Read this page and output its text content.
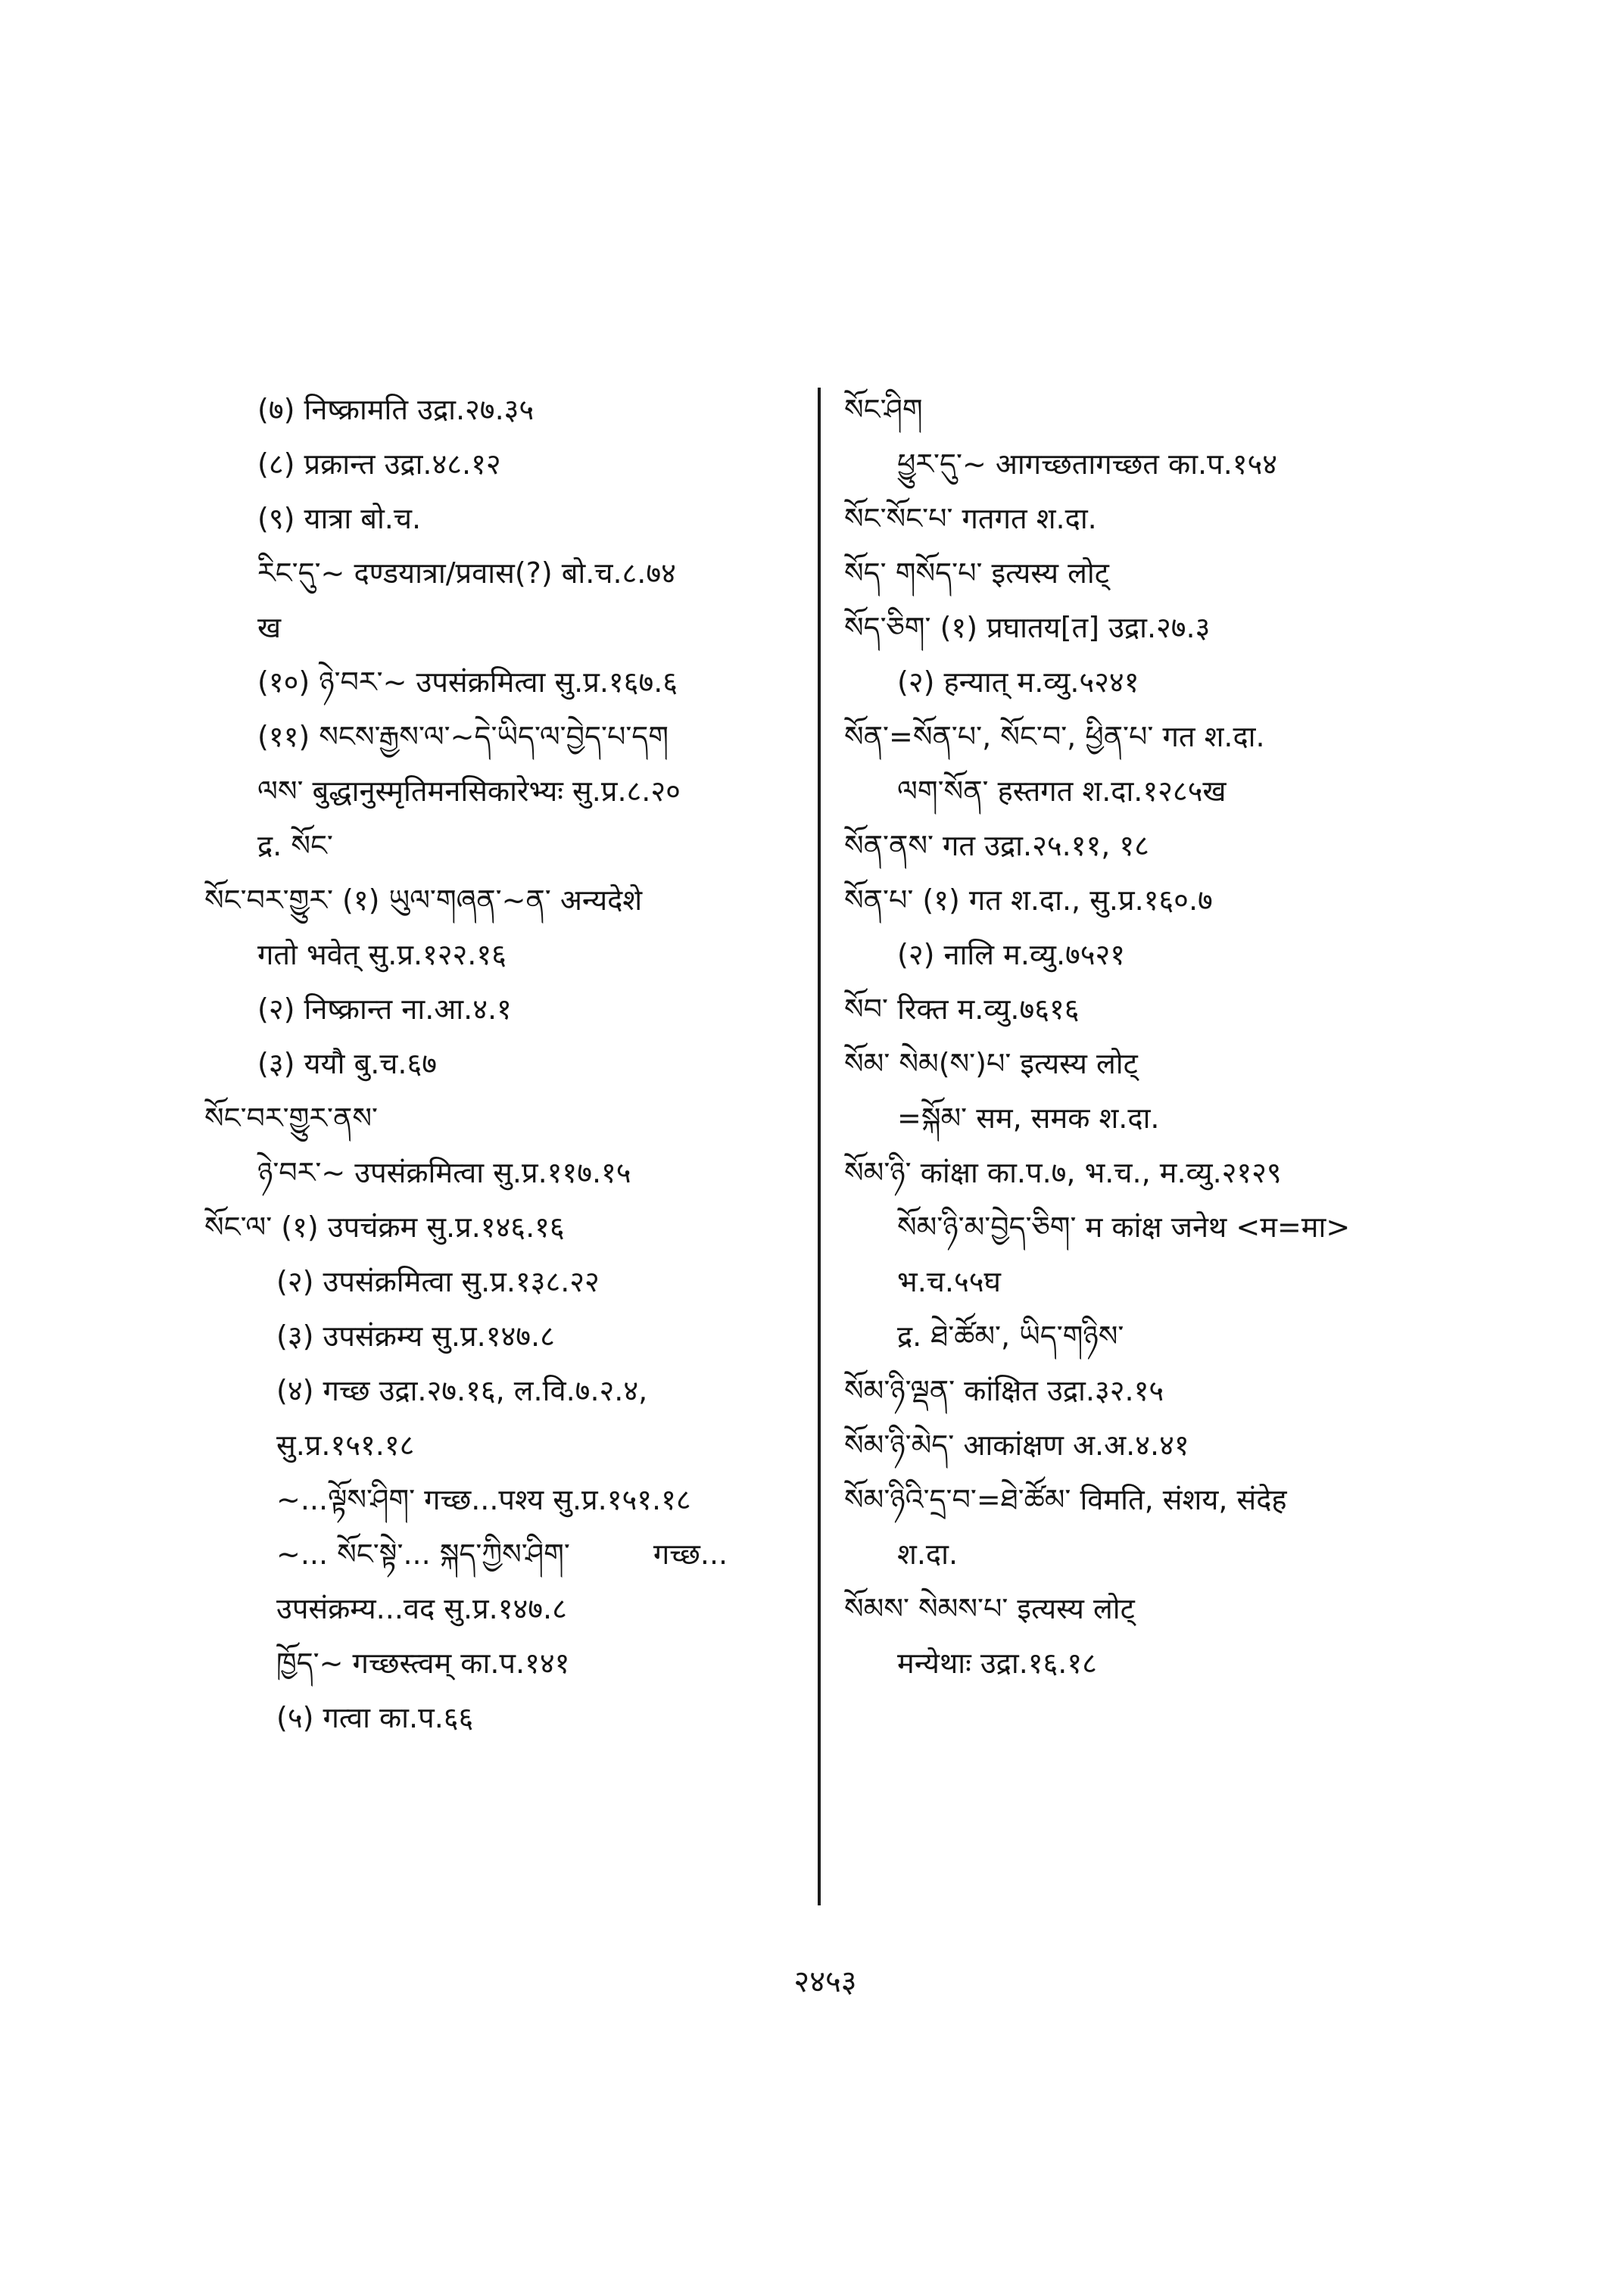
(७) निष्क्रामति उद्रा.२७.३५
(८) प्रक्रान्त उद्रा.४८.१२
(९) यात्रा बो.च.
རིང་དུ་~ दण्डयात्रा/प्रवास(?) बो.च.८.७४
ख
(१०) ཉེ་བར་~ उपसंक्रमित्वा सु.प्र.१६७.६
(११) སངས་རྒྱས་ལ་~དེ་ཡིད་ལ་བྱེད་པ་དག
ལས་ बुद्धानुस्मृतिमनसिकारेभ्यः सु.प्र.८.२०
द्र. སོང་
སོང་བར་གྱུར་ (१) ཡུལ་གཞན་~ན་ अन्यदेशे
गतो भवेत् सु.प्र.१२२.१६
(२) निष्क्रान्त ना.आ.४.१
(३) ययौ बु.च.६७
སོང་བར་གྱུར་ནས་
ཉེ་བར་~ उपसंक्रमित्वा सु.प्र.११७.१५
སོང་ལ་ (१) उपचंक्रम सु.प्र.१४६.१६
(२) उपसंक्रमित्वा सु.प्र.१३८.२२
(३) उपसंक्रम्य सु.प्र.१४७.८
(४) गच्छ उद्रा.२७.१६, ल.वि.७.२.४,
सु.प्र.१५१.१८
~...ལྟོས་ཤིག་ गच्छ...पश्य सु.प्र.१५१.१८
~... སོང་སྟེ་... སྐད་ཀྱིས་ཤིག་	गच्छ...
उपसंक्रम्य...वद सु.प्र.१४७.८
ཁྱོད་~ गच्छस्त्वम् का.प.१४१
(५) गत्वा का.प.६६
སོང་ཤིག
ཕྱུར་དུ་~ आगच्छतागच्छत का.प.१५४
སོང་སོང་པ་ गतगत श.दा.
སོད་ གསོད་པ་ इत्यस्य लोट्
སོད་ཅིག་ (१) प्रघातय[त] उद्रा.२७.३
(२) हन्यात् म.व्यु.५२४१
སོན་=སོན་པ་, སོང་བ་, ཕྱིན་པ་ गत श.दा.
ལག་སོན་ हस्तगत श.दा.१२८५ख
སོན་ནས་ गत उद्रा.२५.११, १८
སོན་པ་ (१) गत श.दा., सु.प्र.१६०.७
(२) नालि म.व्यु.७५२१
སོབ་ रिक्त म.व्यु.७६१६
སོམ་ སེམ(ས་)པ་ इत्यस्य लोट्
=སྐོམ་ सम, समक श.दा.
སོམ་ཉི་ कांक्षा का.प.७, भ.च., म.व्यु.२१२९
སོམ་ཉི་མ་བྱེད་ཅིག་ म कांक्ष जनेथ <म=मा>
भ.च.५५घ
द्र. ཐེ་ཚོམ་, ཡིད་གཉིས་
སོམ་ཉི་ལྡན་ कांक्षित उद्रा.३२.१५
སོམ་ཉི་མེད་ आकांक्षण अ.अ.४.४१
སོམ་ཉིའི་དྲ་བ་=ཐེ་ཚོམ་ विमति, संशय, संदेह
श.दा.
སོམས་ སེམས་པ་ इत्यस्य लोट्
मन्येथाः उद्रा.१६.१८
२४५३
